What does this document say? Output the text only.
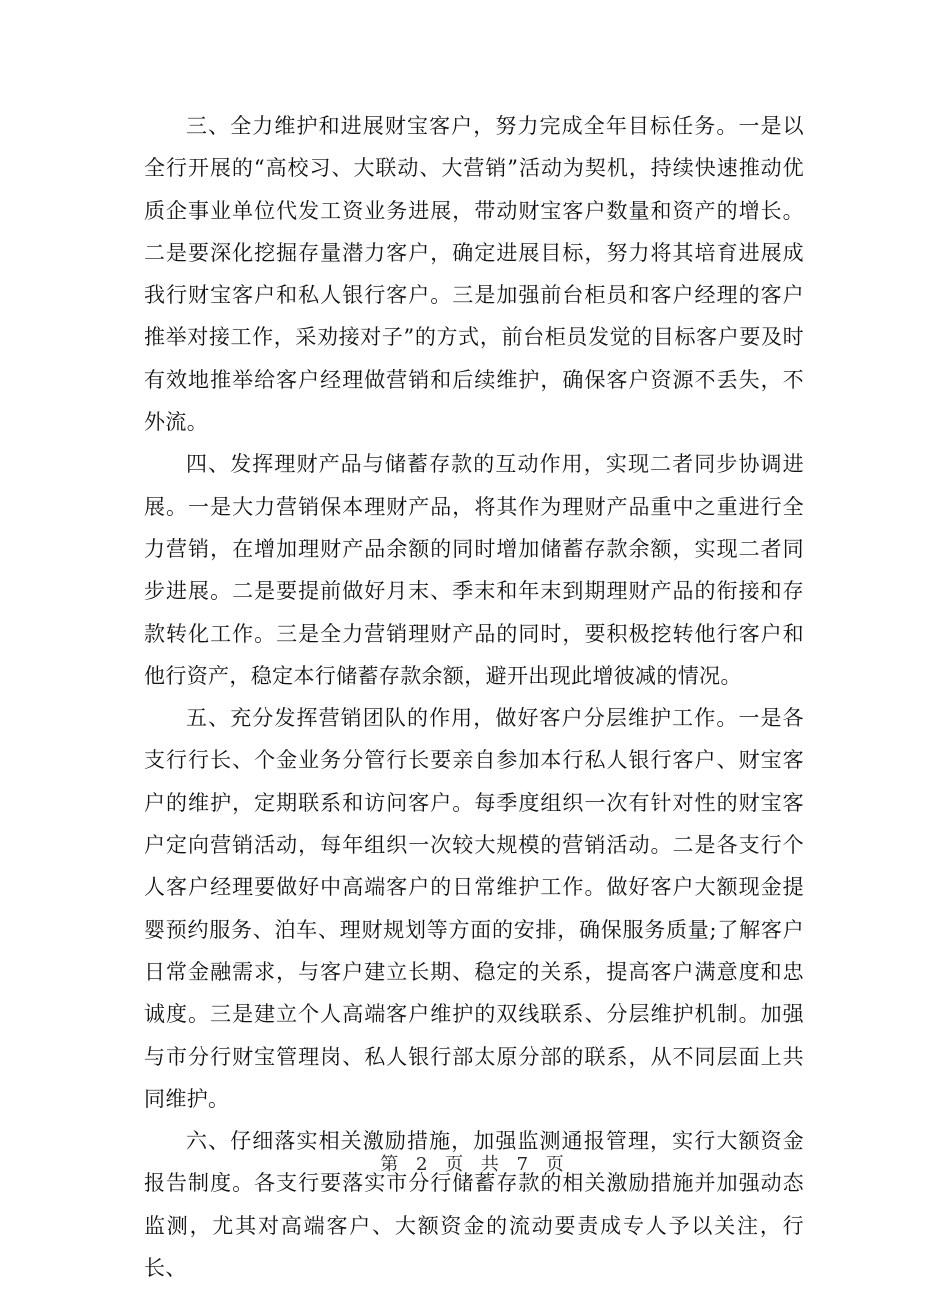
三、全力维护和进展财宝客户，努力完成全年目标任务。一是以全行开展的“高校习、大联动、大营销”活动为契机，持续快速推动优质企事业单位代发工资业务进展，带动财宝客户数量和资产的增长。二是要深化挖掘存量潜力客户，确定进展目标，努力将其培育进展成我行财宝客户和私人银行客户。三是加强前台柜员和客户经理的客户推举对接工作，采劝接对子”的方式，前台柜员发觉的目标客户要及时有效地推举给客户经理做营销和后续维护，确保客户资源不丢失，不外流。

四、发挥理财产品与储蓄存款的互动作用，实现二者同步协调进展。一是大力营销保本理财产品，将其作为理财产品重中之重进行全力营销，在增加理财产品余额的同时增加储蓄存款余额，实现二者同步进展。二是要提前做好月末、季末和年末到期理财产品的衔接和存款转化工作。三是全力营销理财产品的同时，要积极挖转他行客户和他行资产，稳定本行储蓄存款余额，避开出现此增彼减的情况。

五、充分发挥营销团队的作用，做好客户分层维护工作。一是各支行行长、个金业务分管行长要亲自参加本行私人银行客户、财宝客户的维护，定期联系和访问客户。每季度组织一次有针对性的财宝客户定向营销活动，每年组织一次较大规模的营销活动。二是各支行个人客户经理要做好中高端客户的日常维护工作。做好客户大额现金提婴预约服务、泊车、理财规划等方面的安排，确保服务质量;了解客户日常金融需求，与客户建立长期、稳定的关系，提高客户满意度和忠诚度。三是建立个人高端客户维护的双线联系、分层维护机制。加强与市分行财宝管理岗、私人银行部太原分部的联系，从不同层面上共同维护。

六、仔细落实相关激励措施，加强监测通报管理，实行大额资金报告制度。各支行要落实市分行储蓄存款的相关激励措施并加强动态监测，尤其对高端客户、大额资金的流动要责成专人予以关注，行长、

第 2 页 共 7 页
